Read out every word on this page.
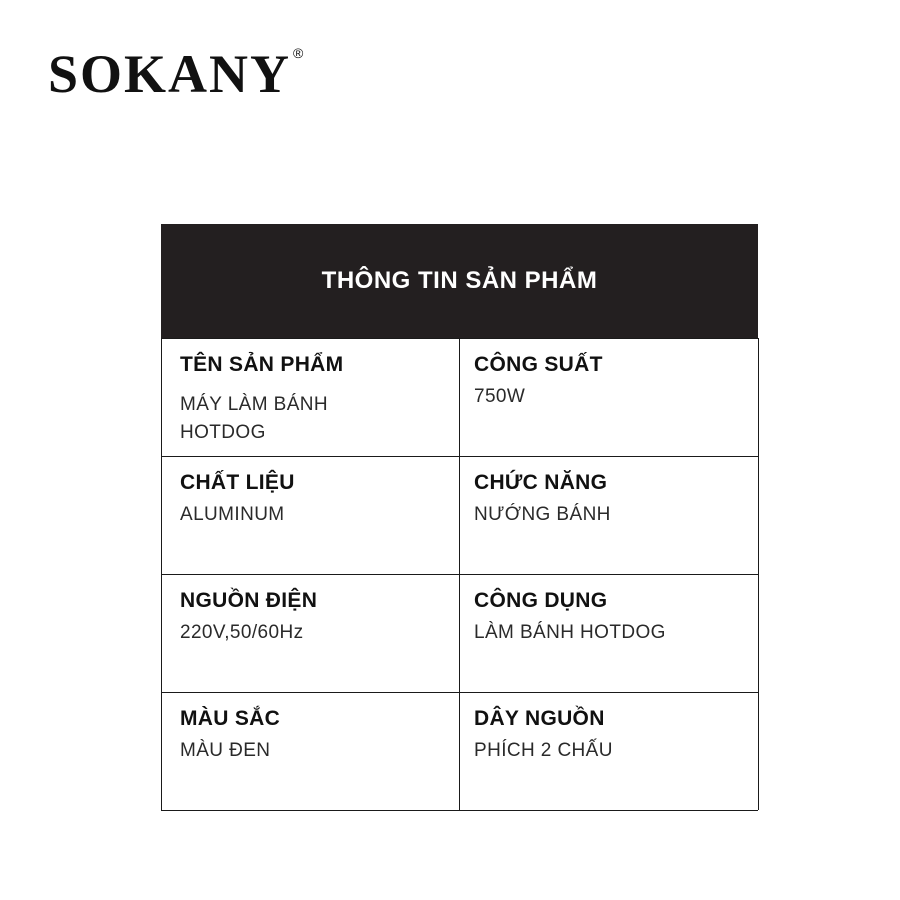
SOKANY ®
THÔNG TIN SẢN PHẨM
TÊN SẢN PHẨM
MÁY LÀM BÁNH HOTDOG
CÔNG SUẤT
750W
CHẤT LIỆU
ALUMINUM
CHỨC NĂNG
NƯỚNG BÁNH
NGUỒN ĐIỆN
220V,50/60Hz
CÔNG DỤNG
LÀM BÁNH HOTDOG
MÀU SẮC
MÀU ĐEN
DÂY NGUỒN
PHÍCH 2 CHẤU
